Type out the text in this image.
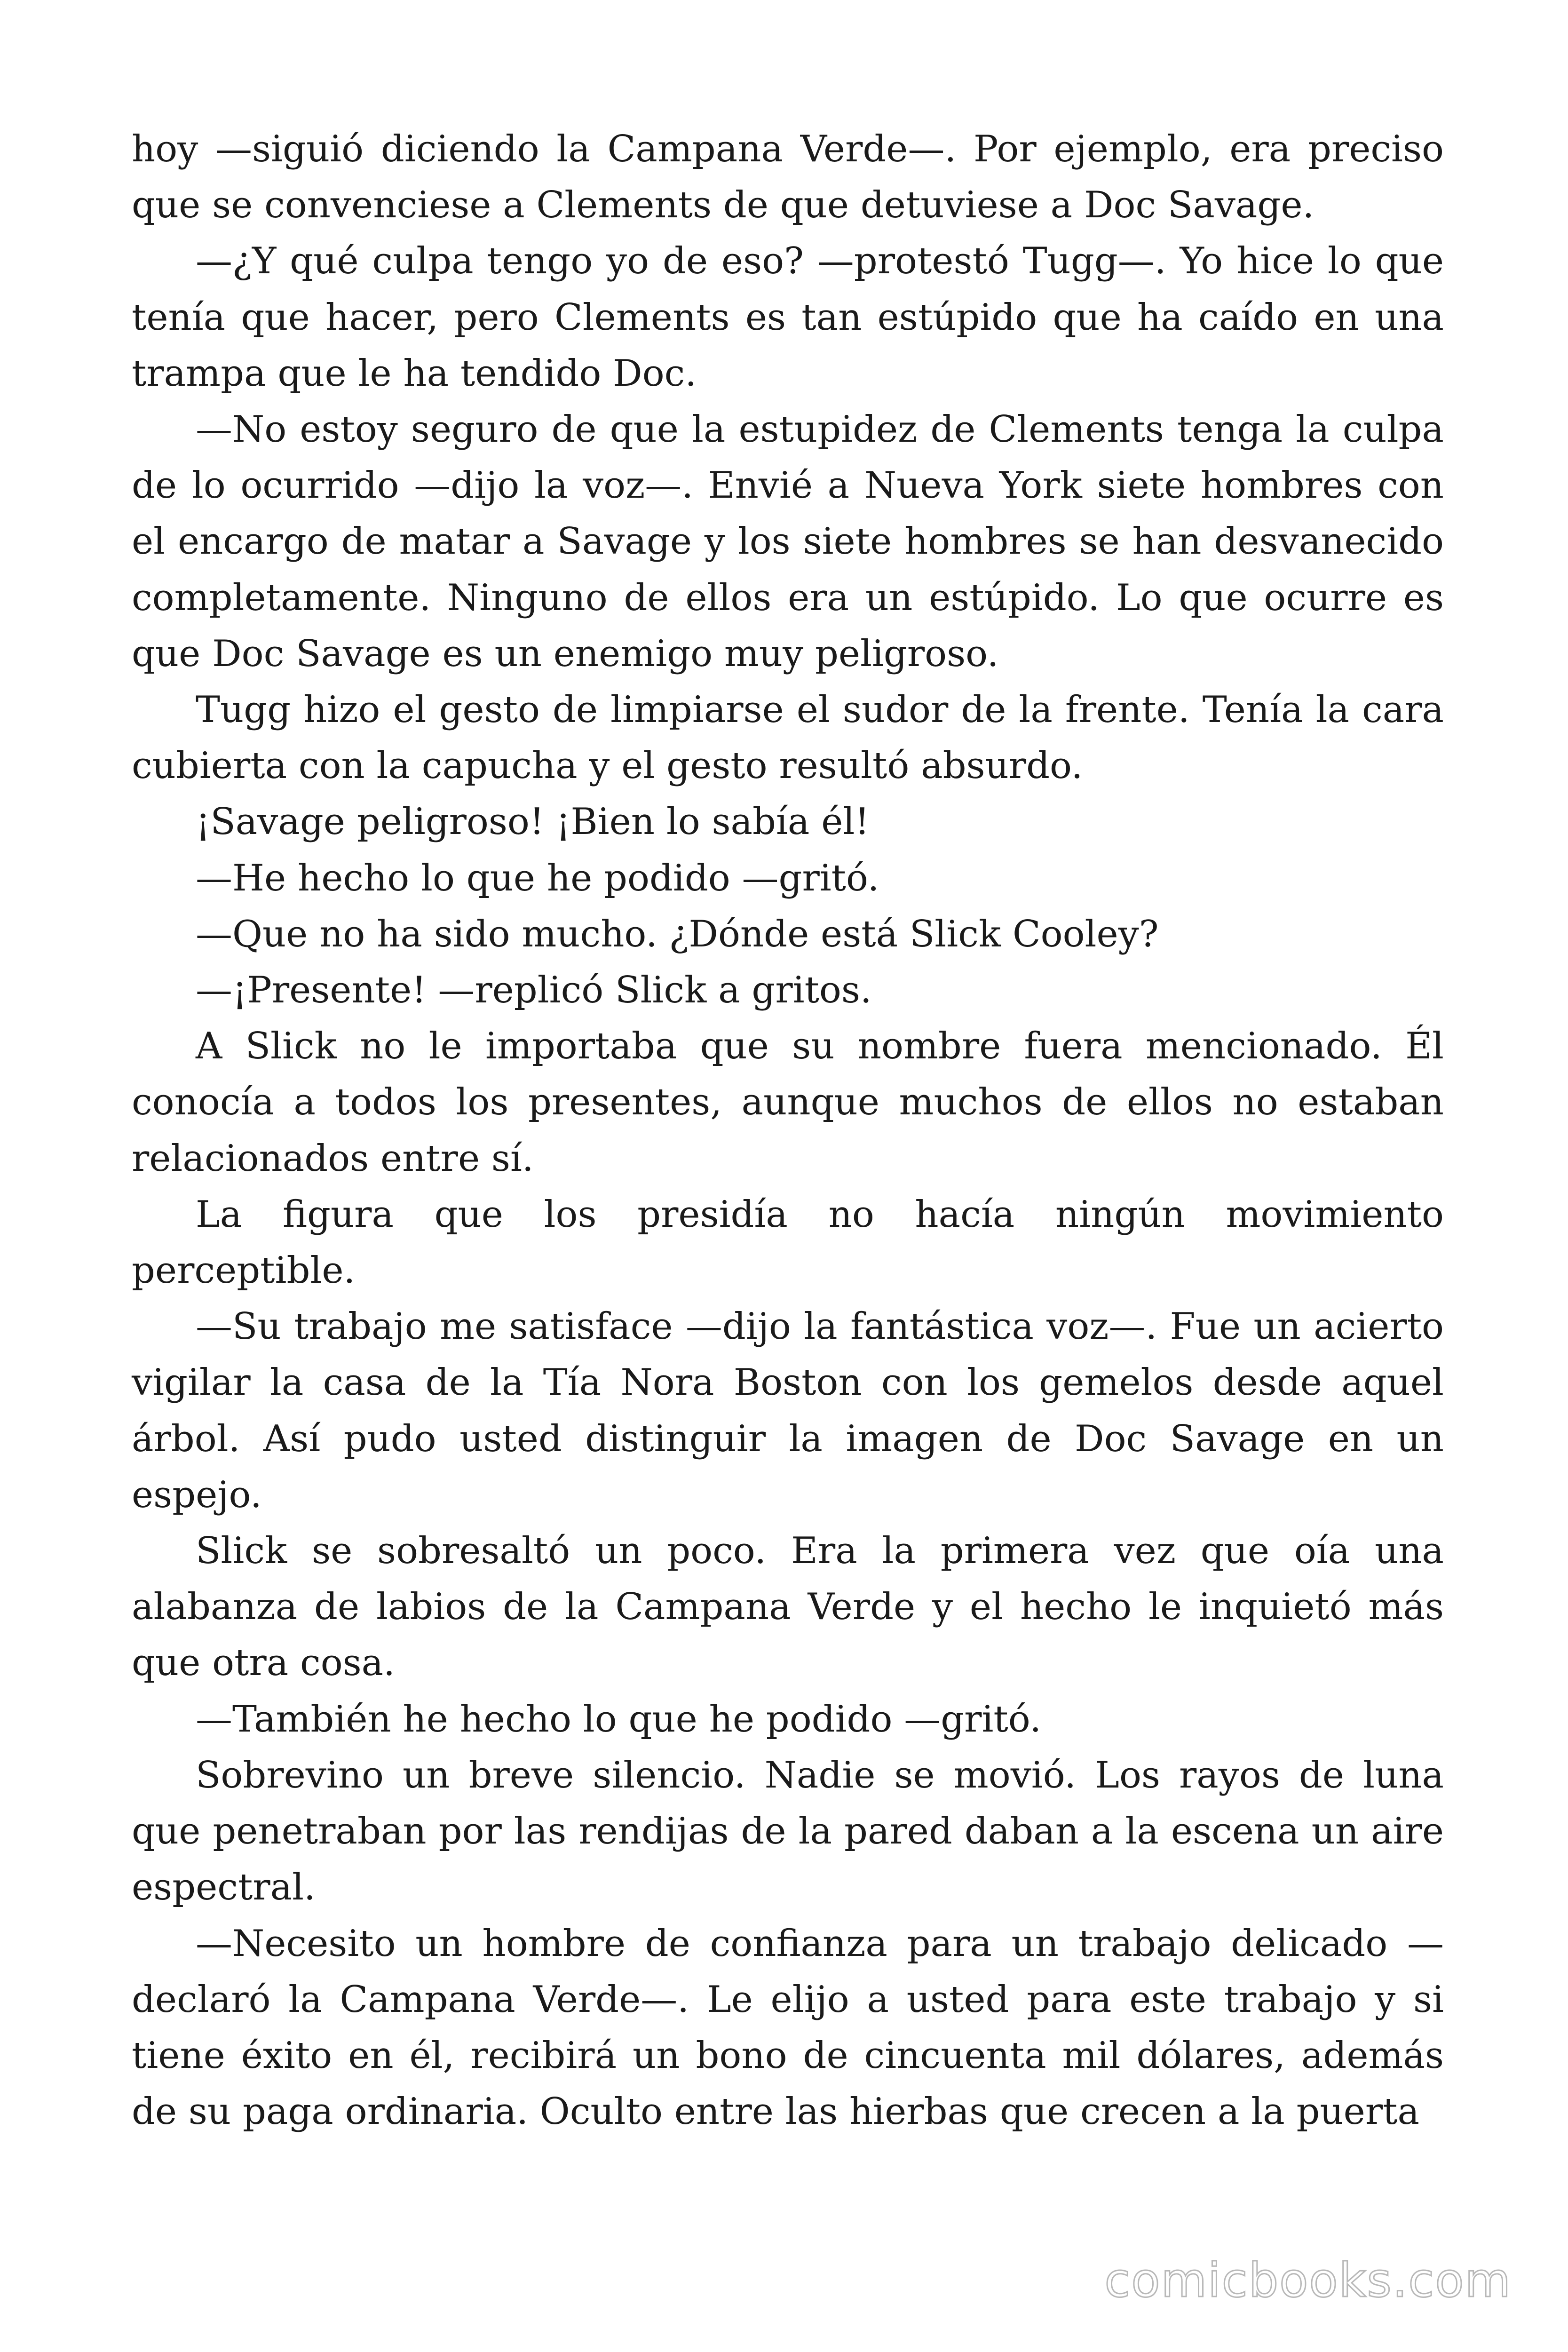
hoy —siguió diciendo la Campana Verde—. Por ejemplo, era preciso que se convenciese a Clements de que detuviese a Doc Savage.

—¿Y qué culpa tengo yo de eso? —protestó Tugg—. Yo hice lo que tenía que hacer, pero Clements es tan estúpido que ha caído en una trampa que le ha tendido Doc.

—No estoy seguro de que la estupidez de Clements tenga la culpa de lo ocurrido —dijo la voz—. Envié a Nueva York siete hombres con el encargo de matar a Savage y los siete hombres se han desvanecido completamente. Ninguno de ellos era un estúpido. Lo que ocurre es que Doc Savage es un enemigo muy peligroso.

Tugg hizo el gesto de limpiarse el sudor de la frente. Tenía la cara cubierta con la capucha y el gesto resultó absurdo.

¡Savage peligroso! ¡Bien lo sabía él!

—He hecho lo que he podido —gritó.

—Que no ha sido mucho. ¿Dónde está Slick Cooley?

—¡Presente! —replicó Slick a gritos.

A Slick no le importaba que su nombre fuera mencionado. Él conocía a todos los presentes, aunque muchos de ellos no estaban relacionados entre sí.

La figura que los presidía no hacía ningún movimiento perceptible.

—Su trabajo me satisface —dijo la fantástica voz—. Fue un acierto vigilar la casa de la Tía Nora Boston con los gemelos desde aquel árbol. Así pudo usted distinguir la imagen de Doc Savage en un espejo.

Slick se sobresaltó un poco. Era la primera vez que oía una alabanza de labios de la Campana Verde y el hecho le inquietó más que otra cosa.

—También he hecho lo que he podido —gritó.

Sobrevino un breve silencio. Nadie se movió. Los rayos de luna que penetraban por las rendijas de la pared daban a la escena un aire espectral.

—Necesito un hombre de confianza para un trabajo delicado —declaró la Campana Verde—. Le elijo a usted para este trabajo y si tiene éxito en él, recibirá un bono de cincuenta mil dólares, además de su paga ordinaria. Oculto entre las hierbas que crecen a la puerta

comicbooks.com
